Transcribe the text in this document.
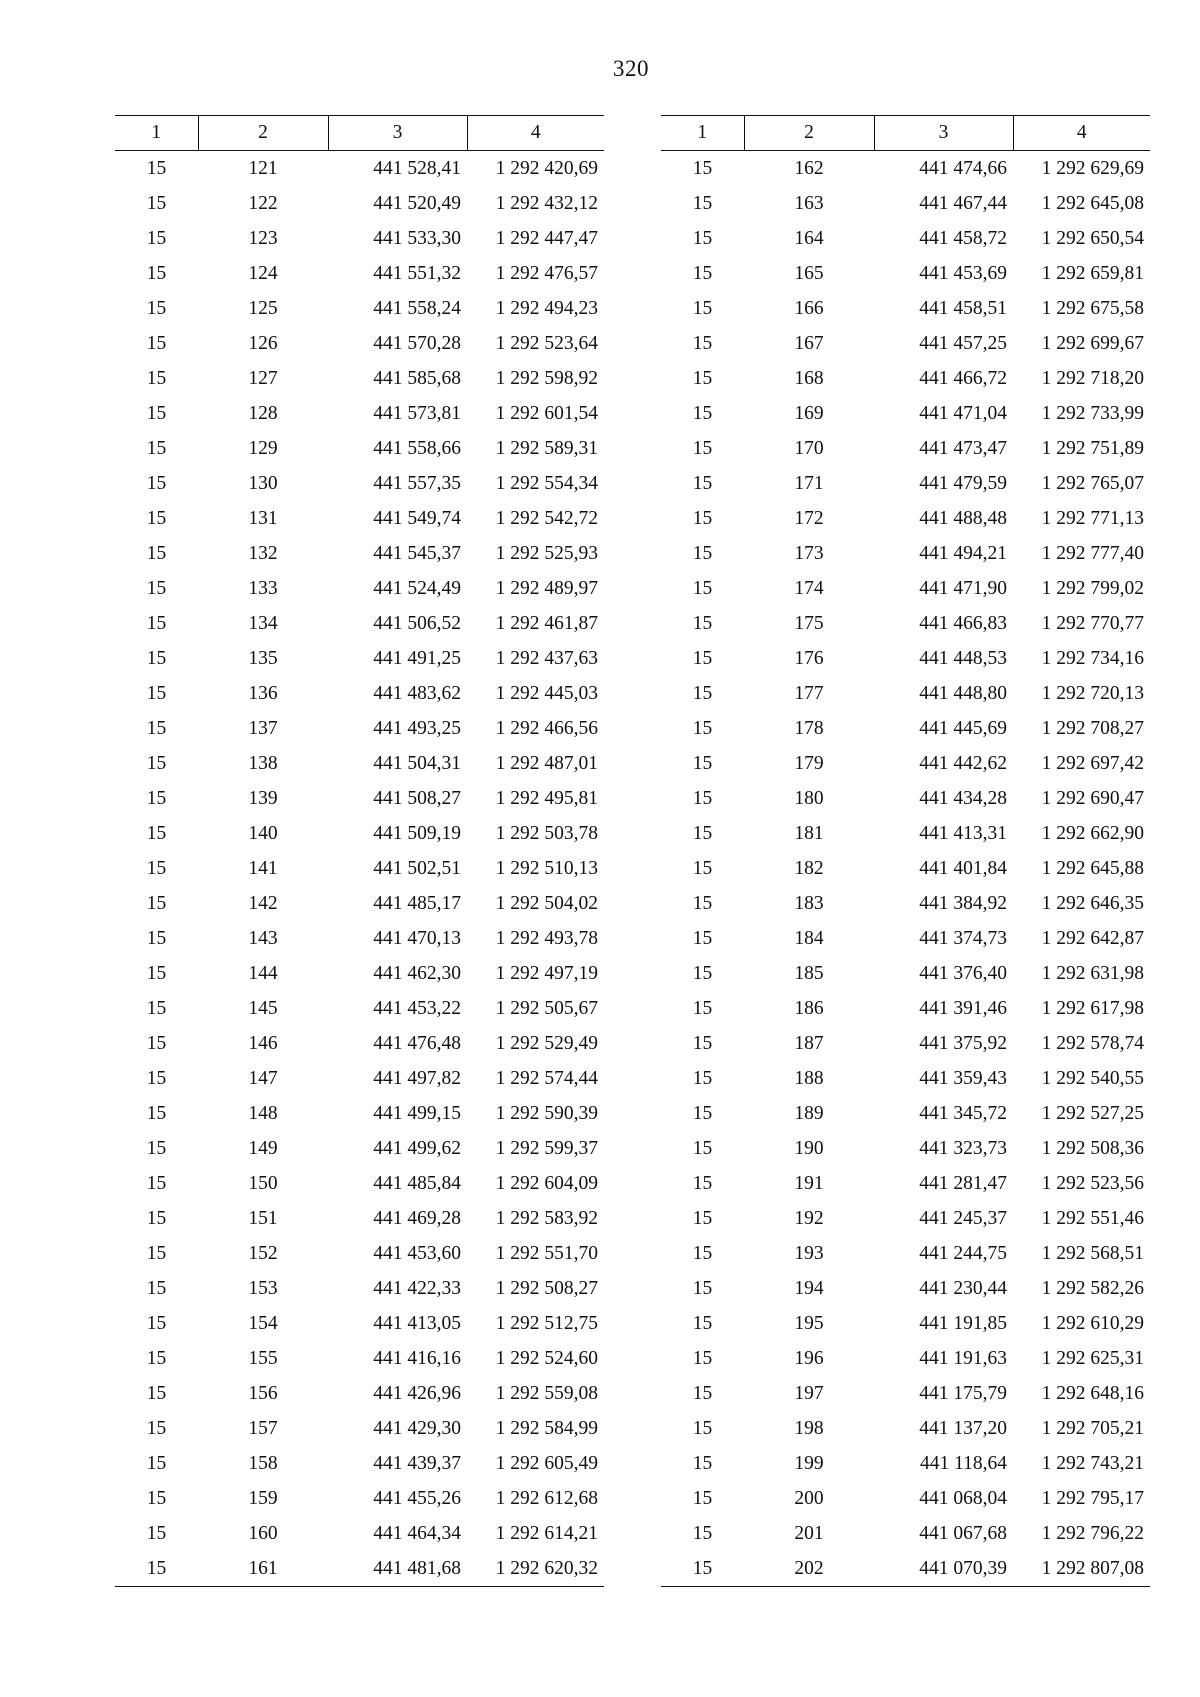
320
1	2	3	4
15	121	441 528,41	1 292 420,69
15	122	441 520,49	1 292 432,12
15	123	441 533,30	1 292 447,47
15	124	441 551,32	1 292 476,57
15	125	441 558,24	1 292 494,23
15	126	441 570,28	1 292 523,64
15	127	441 585,68	1 292 598,92
15	128	441 573,81	1 292 601,54
15	129	441 558,66	1 292 589,31
15	130	441 557,35	1 292 554,34
15	131	441 549,74	1 292 542,72
15	132	441 545,37	1 292 525,93
15	133	441 524,49	1 292 489,97
15	134	441 506,52	1 292 461,87
15	135	441 491,25	1 292 437,63
15	136	441 483,62	1 292 445,03
15	137	441 493,25	1 292 466,56
15	138	441 504,31	1 292 487,01
15	139	441 508,27	1 292 495,81
15	140	441 509,19	1 292 503,78
15	141	441 502,51	1 292 510,13
15	142	441 485,17	1 292 504,02
15	143	441 470,13	1 292 493,78
15	144	441 462,30	1 292 497,19
15	145	441 453,22	1 292 505,67
15	146	441 476,48	1 292 529,49
15	147	441 497,82	1 292 574,44
15	148	441 499,15	1 292 590,39
15	149	441 499,62	1 292 599,37
15	150	441 485,84	1 292 604,09
15	151	441 469,28	1 292 583,92
15	152	441 453,60	1 292 551,70
15	153	441 422,33	1 292 508,27
15	154	441 413,05	1 292 512,75
15	155	441 416,16	1 292 524,60
15	156	441 426,96	1 292 559,08
15	157	441 429,30	1 292 584,99
15	158	441 439,37	1 292 605,49
15	159	441 455,26	1 292 612,68
15	160	441 464,34	1 292 614,21
15	161	441 481,68	1 292 620,32
1	2	3	4
15	162	441 474,66	1 292 629,69
15	163	441 467,44	1 292 645,08
15	164	441 458,72	1 292 650,54
15	165	441 453,69	1 292 659,81
15	166	441 458,51	1 292 675,58
15	167	441 457,25	1 292 699,67
15	168	441 466,72	1 292 718,20
15	169	441 471,04	1 292 733,99
15	170	441 473,47	1 292 751,89
15	171	441 479,59	1 292 765,07
15	172	441 488,48	1 292 771,13
15	173	441 494,21	1 292 777,40
15	174	441 471,90	1 292 799,02
15	175	441 466,83	1 292 770,77
15	176	441 448,53	1 292 734,16
15	177	441 448,80	1 292 720,13
15	178	441 445,69	1 292 708,27
15	179	441 442,62	1 292 697,42
15	180	441 434,28	1 292 690,47
15	181	441 413,31	1 292 662,90
15	182	441 401,84	1 292 645,88
15	183	441 384,92	1 292 646,35
15	184	441 374,73	1 292 642,87
15	185	441 376,40	1 292 631,98
15	186	441 391,46	1 292 617,98
15	187	441 375,92	1 292 578,74
15	188	441 359,43	1 292 540,55
15	189	441 345,72	1 292 527,25
15	190	441 323,73	1 292 508,36
15	191	441 281,47	1 292 523,56
15	192	441 245,37	1 292 551,46
15	193	441 244,75	1 292 568,51
15	194	441 230,44	1 292 582,26
15	195	441 191,85	1 292 610,29
15	196	441 191,63	1 292 625,31
15	197	441 175,79	1 292 648,16
15	198	441 137,20	1 292 705,21
15	199	441 118,64	1 292 743,21
15	200	441 068,04	1 292 795,17
15	201	441 067,68	1 292 796,22
15	202	441 070,39	1 292 807,08
